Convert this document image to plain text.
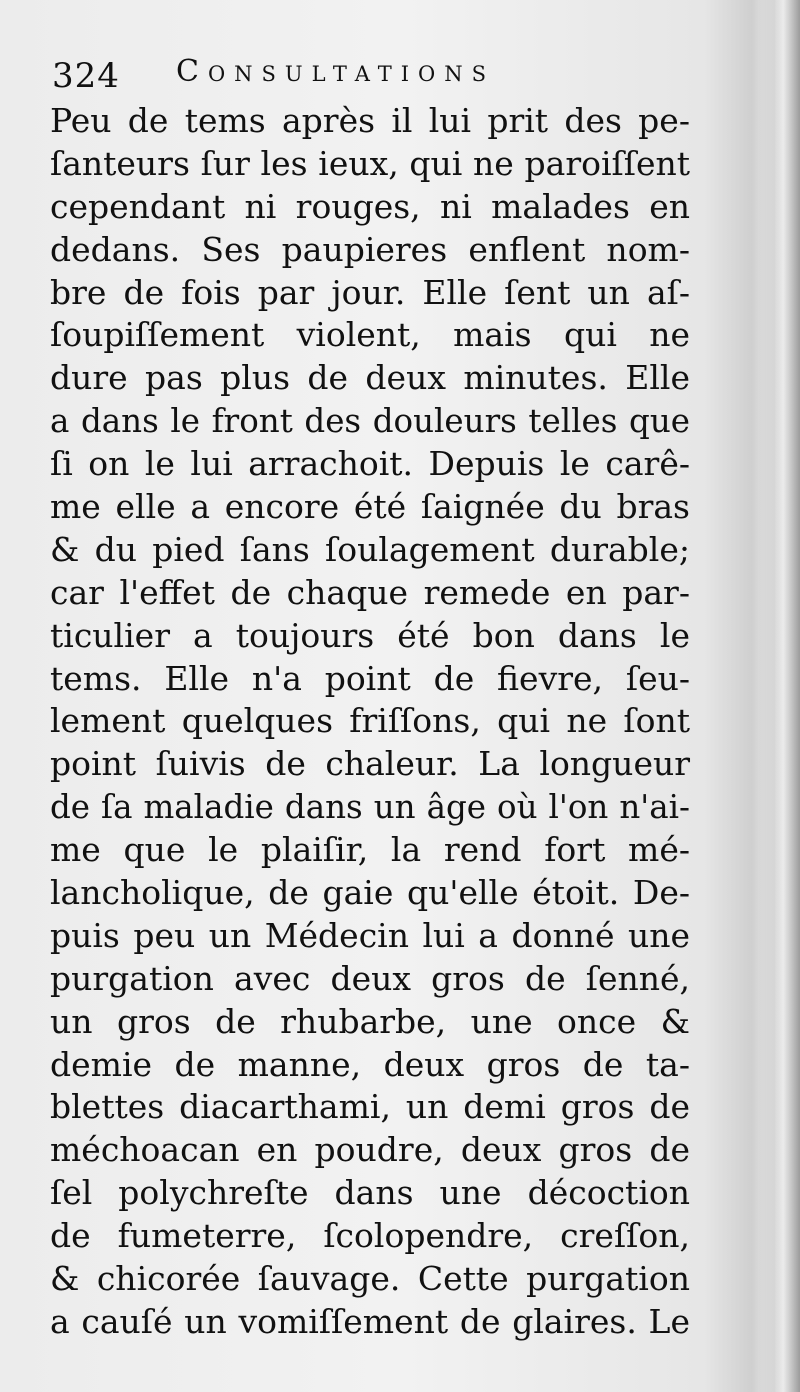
324 Consultations
Peu de tems après il lui prit des pe-
ſanteurs ſur les ieux, qui ne paroiſſent
cependant ni rouges, ni malades en
dedans. Ses paupieres enflent nom-
bre de fois par jour. Elle ſent un aſ-
ſoupiſſement violent, mais qui ne
dure pas plus de deux minutes. Elle
a dans le front des douleurs telles que
ſi on le lui arrachoit. Depuis le carê-
me elle a encore été ſaignée du bras
& du pied ſans ſoulagement durable;
car l'effet de chaque remede en par-
ticulier a toujours été bon dans le
tems. Elle n'a point de fievre, ſeu-
lement quelques friſſons, qui ne ſont
point ſuivis de chaleur. La longueur
de ſa maladie dans un âge où l'on n'ai-
me que le plaiſir, la rend fort mé-
lancholique, de gaie qu'elle étoit. De-
puis peu un Médecin lui a donné une
purgation avec deux gros de ſenné,
un gros de rhubarbe, une once &
demie de manne, deux gros de ta-
blettes diacarthami, un demi gros de
méchoacan en poudre, deux gros de
ſel polychreſte dans une décoction
de fumeterre, ſcolopendre, creſſon,
& chicorée ſauvage. Cette purgation
a cauſé un vomiſſement de glaires. Le
